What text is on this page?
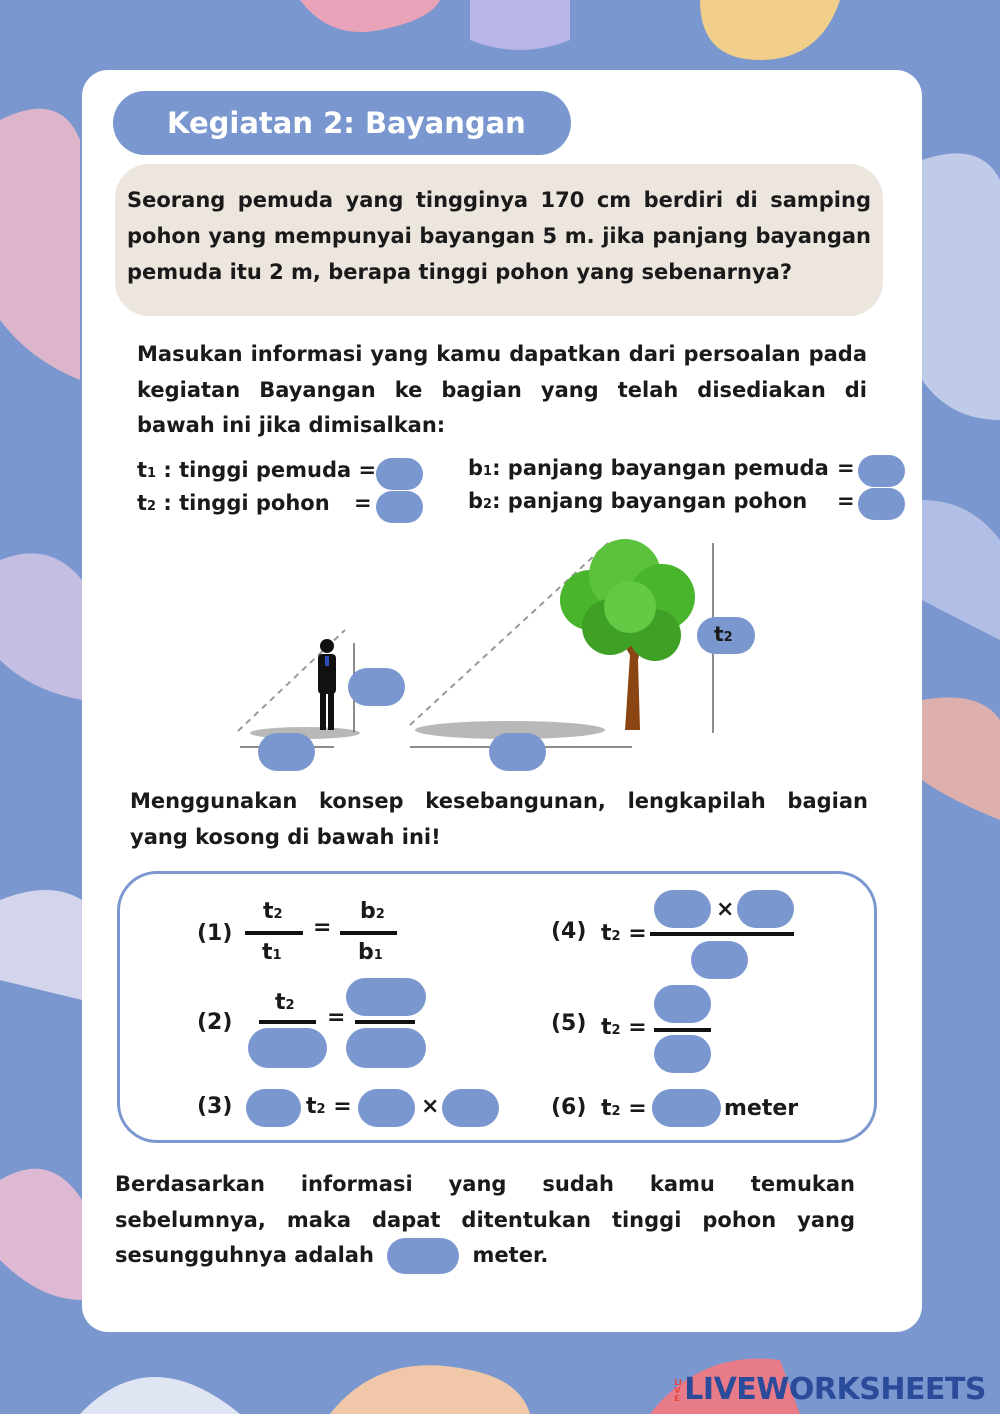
Kegiatan 2: Bayangan
Seorang pemuda yang tingginya 170 cm berdiri di samping pohon yang mempunyai bayangan 5 m. jika panjang bayangan pemuda itu 2 m, berapa tinggi pohon yang sebenarnya?
Masukan informasi yang kamu dapatkan dari persoalan pada kegiatan Bayangan ke bagian yang telah disediakan di bawah ini jika dimisalkan:
t1 : tinggi pemuda =
t2 : tinggi pohon =
b1: panjang bayangan pemuda =
b2: panjang bayangan pohon =
t2
Menggunakan konsep kesebangunan, lengkapilah bagian yang kosong di bawah ini!
(1)
t2
t1
=
b2
b1
(2)
t2 =
(3)	t2 =	×
(4) t2 =
×
(5) t2 =
(6) t2 =	meter
Berdasarkan informasi yang sudah kamu temukan sebelumnya, maka dapat ditentukan tinggi pohon yang sesungguhnya adalah	meter.
LIVE LIVEWORKSHEETS
